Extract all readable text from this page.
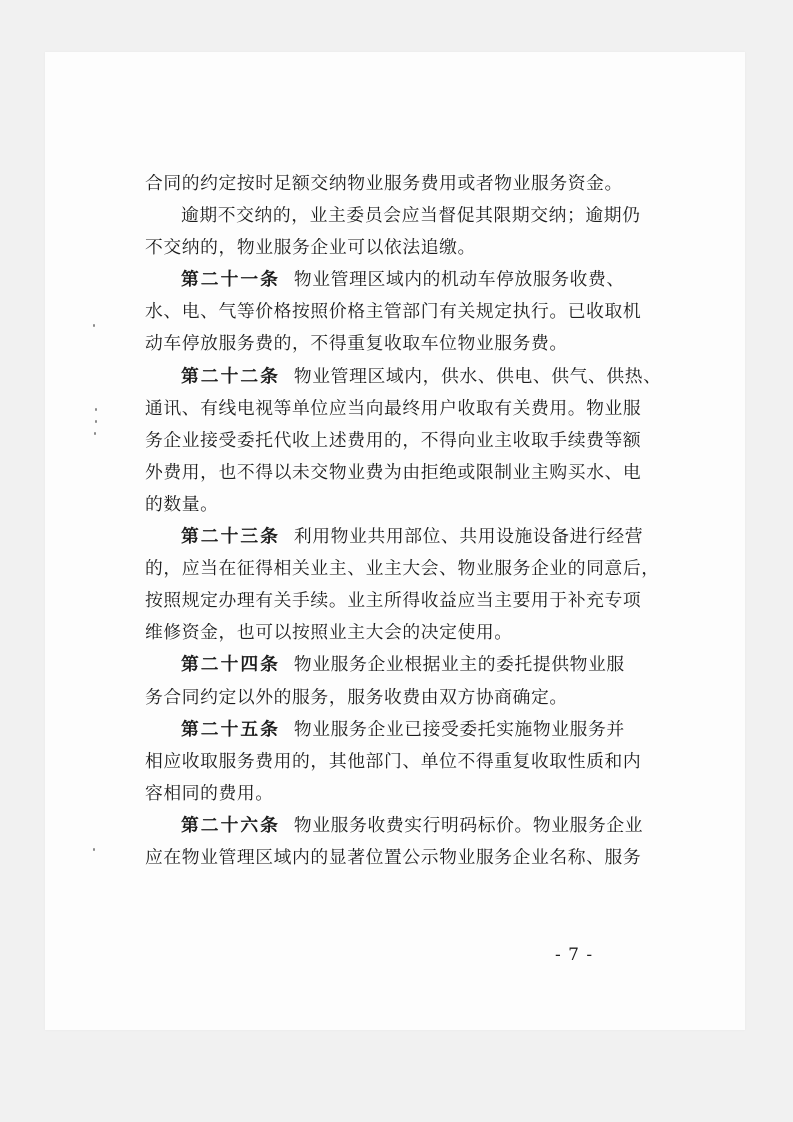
合同的约定按时足额交纳物业服务费用或者物业服务资金。
逾期不交纳的，业主委员会应当督促其限期交纳；逾期仍
不交纳的，物业服务企业可以依法追缴。
第二十一条 物业管理区域内的机动车停放服务收费、
水、电、气等价格按照价格主管部门有关规定执行。已收取机
动车停放服务费的，不得重复收取车位物业服务费。
第二十二条 物业管理区域内，供水、供电、供气、供热、
通讯、有线电视等单位应当向最终用户收取有关费用。物业服
务企业接受委托代收上述费用的，不得向业主收取手续费等额
外费用，也不得以未交物业费为由拒绝或限制业主购买水、电
的数量。
第二十三条 利用物业共用部位、共用设施设备进行经营
的，应当在征得相关业主、业主大会、物业服务企业的同意后，
按照规定办理有关手续。业主所得收益应当主要用于补充专项
维修资金，也可以按照业主大会的决定使用。
第二十四条 物业服务企业根据业主的委托提供物业服
务合同约定以外的服务，服务收费由双方协商确定。
第二十五条 物业服务企业已接受委托实施物业服务并
相应收取服务费用的，其他部门、单位不得重复收取性质和内
容相同的费用。
第二十六条 物业服务收费实行明码标价。物业服务企业
应在物业管理区域内的显著位置公示物业服务企业名称、服务
- 7 -
